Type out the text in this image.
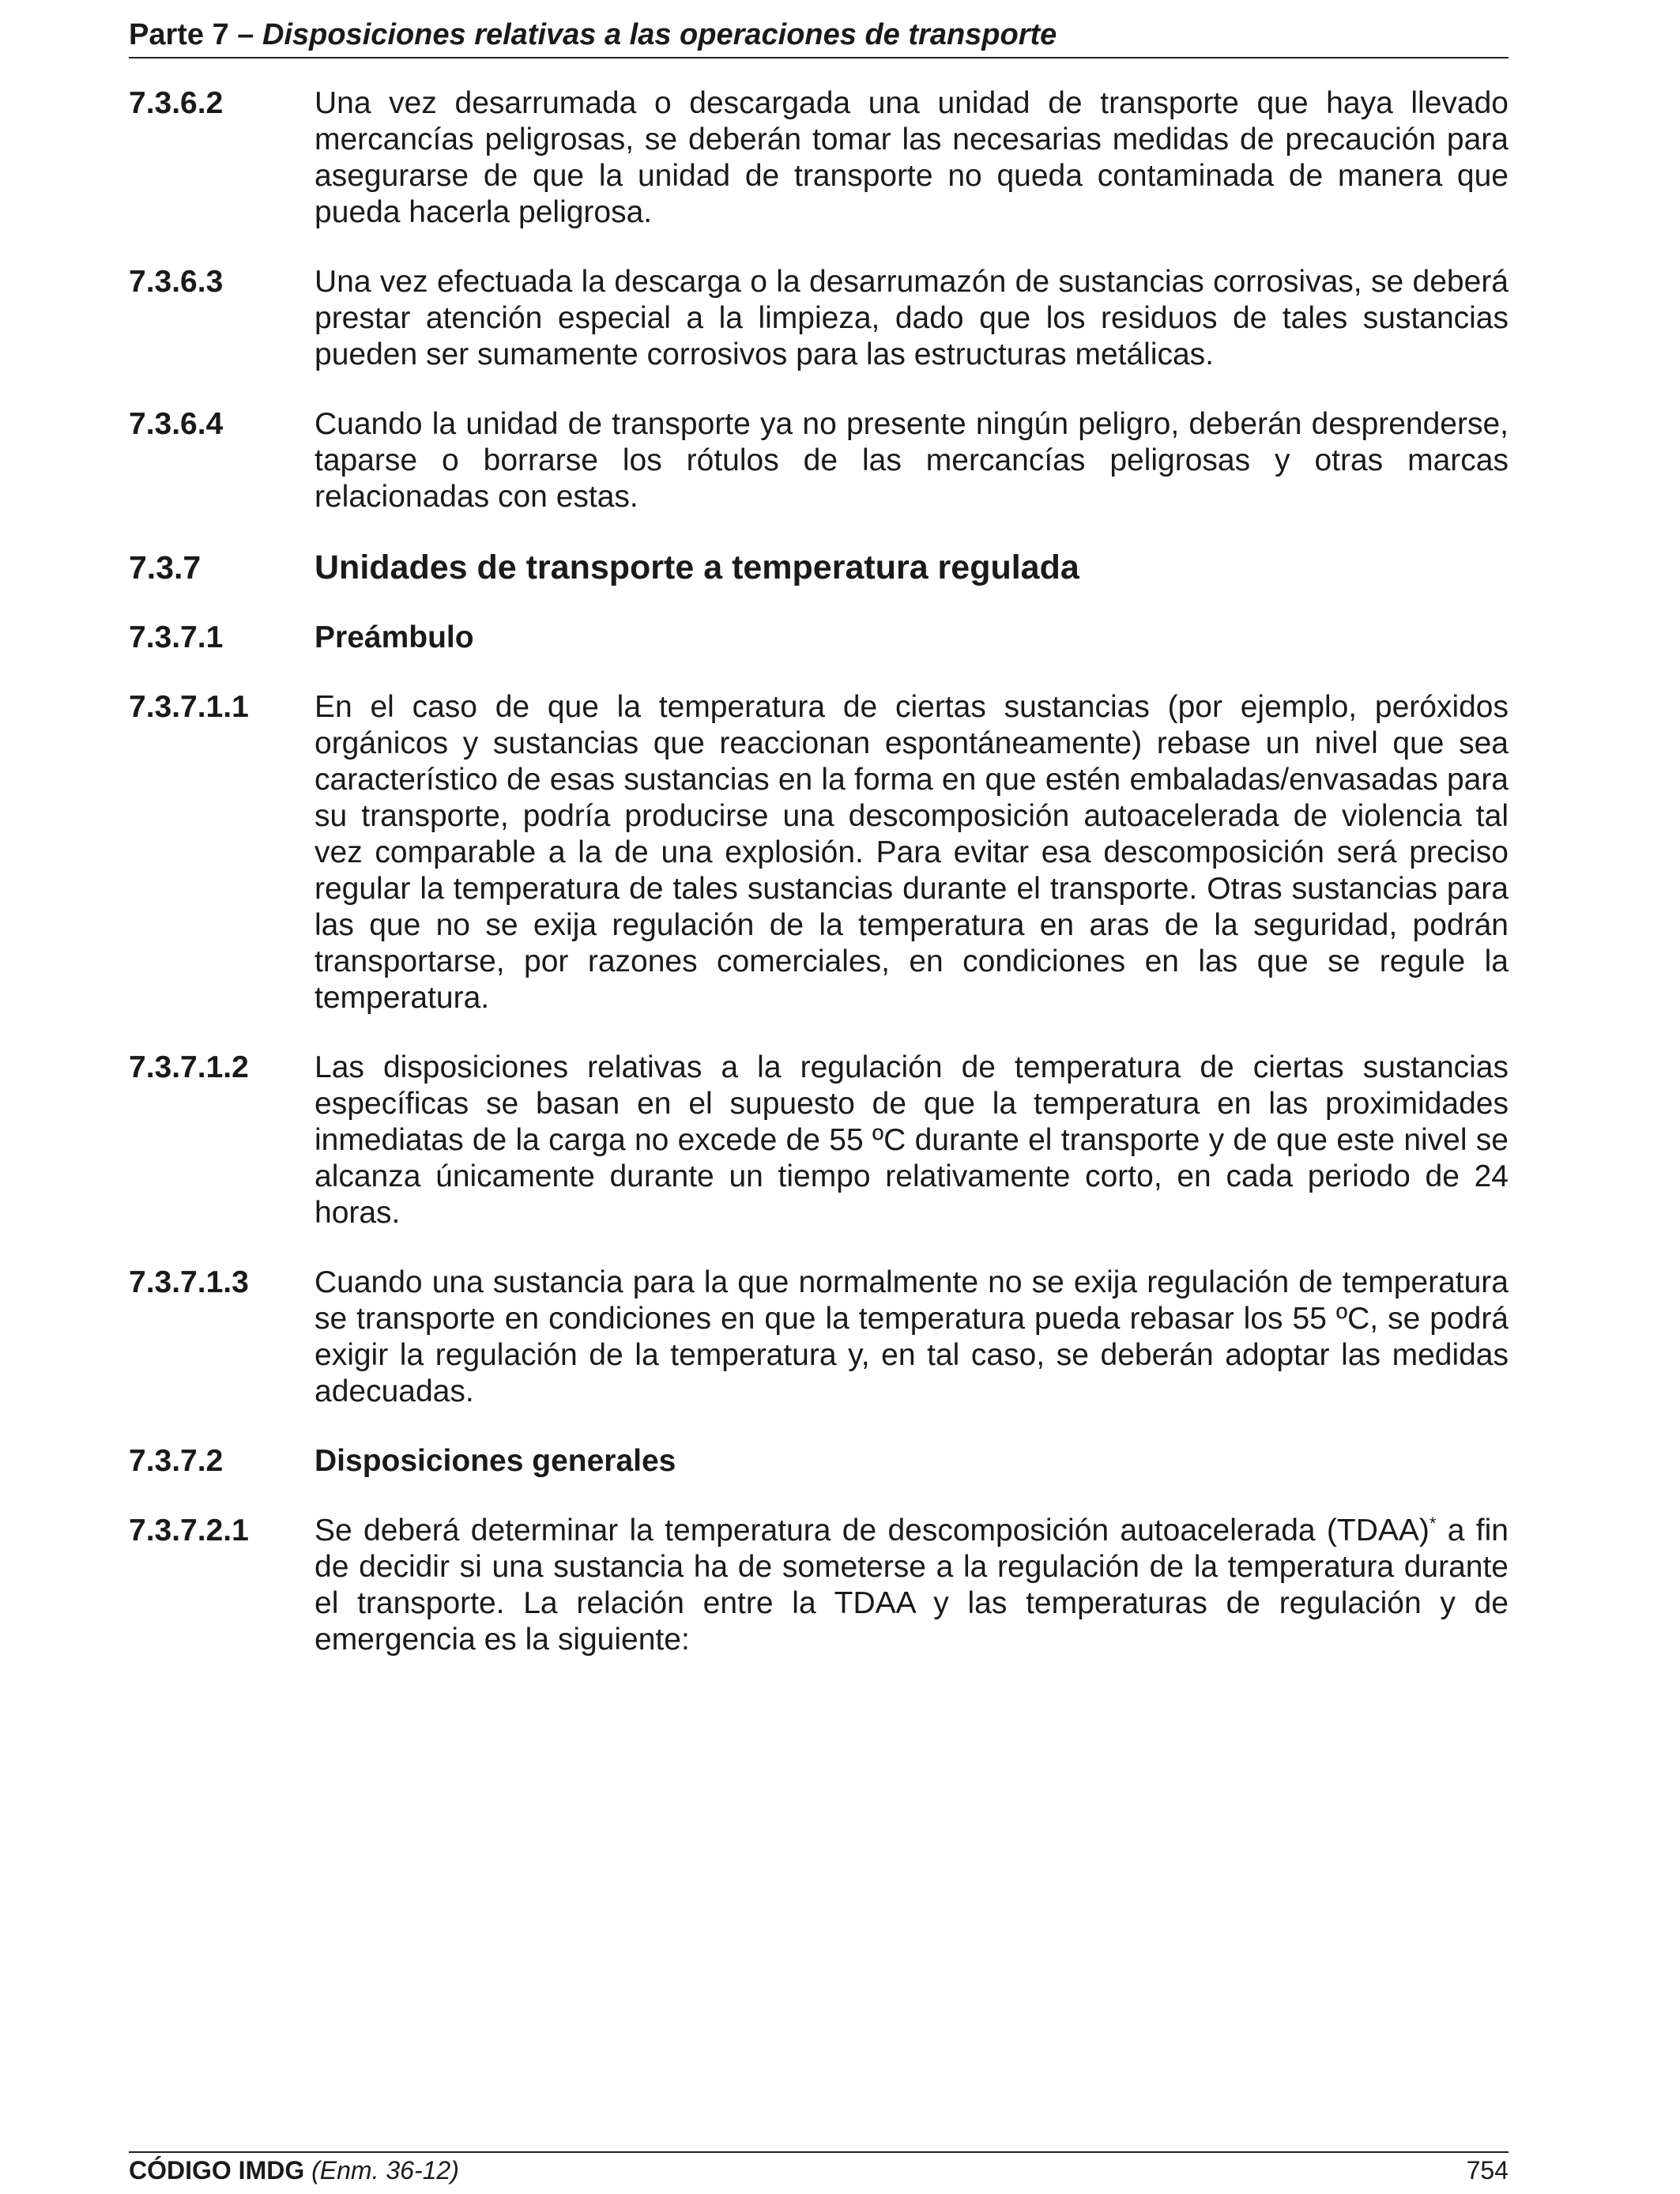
Parte 7 – Disposiciones relativas a las operaciones de transporte
7.3.6.2	Una vez desarrumada o descargada una unidad de transporte que haya llevado mercancías peligrosas, se deberán tomar las necesarias medidas de precaución para asegurarse de que la unidad de transporte no queda contaminada de manera que pueda hacerla peligrosa.
7.3.6.3	Una vez efectuada la descarga o la desarrumazón de sustancias corrosivas, se deberá prestar atención especial a la limpieza, dado que los residuos de tales sustancias pueden ser sumamente corrosivos para las estructuras metálicas.
7.3.6.4	Cuando la unidad de transporte ya no presente ningún peligro, deberán desprenderse, taparse o borrarse los rótulos de las mercancías peligrosas y otras marcas relacionadas con estas.
7.3.7	Unidades de transporte a temperatura regulada
7.3.7.1	Preámbulo
7.3.7.1.1	En el caso de que la temperatura de ciertas sustancias (por ejemplo, peróxidos orgánicos y sustancias que reaccionan espontáneamente) rebase un nivel que sea característico de esas sustancias en la forma en que estén embaladas/envasadas para su transporte, podría producirse una descomposición autoacelerada de violencia tal vez comparable a la de una explosión. Para evitar esa descomposición será preciso regular la temperatura de tales sustancias durante el transporte. Otras sustancias para las que no se exija regulación de la temperatura en aras de la seguridad, podrán transportarse, por razones comerciales, en condiciones en las que se regule la temperatura.
7.3.7.1.2	Las disposiciones relativas a la regulación de temperatura de ciertas sustancias específicas se basan en el supuesto de que la temperatura en las proximidades inmediatas de la carga no excede de 55 ºC durante el transporte y de que este nivel se alcanza únicamente durante un tiempo relativamente corto, en cada periodo de 24 horas.
7.3.7.1.3	Cuando una sustancia para la que normalmente no se exija regulación de temperatura se transporte en condiciones en que la temperatura pueda rebasar los 55 ºC, se podrá exigir la regulación de la temperatura y, en tal caso, se deberán adoptar las medidas adecuadas.
7.3.7.2	Disposiciones generales
7.3.7.2.1	Se deberá determinar la temperatura de descomposición autoacelerada (TDAA)* a fin de decidir si una sustancia ha de someterse a la regulación de la temperatura durante el transporte. La relación entre la TDAA y las temperaturas de regulación y de emergencia es la siguiente:
CÓDIGO IMDG (Enm. 36-12)	754
